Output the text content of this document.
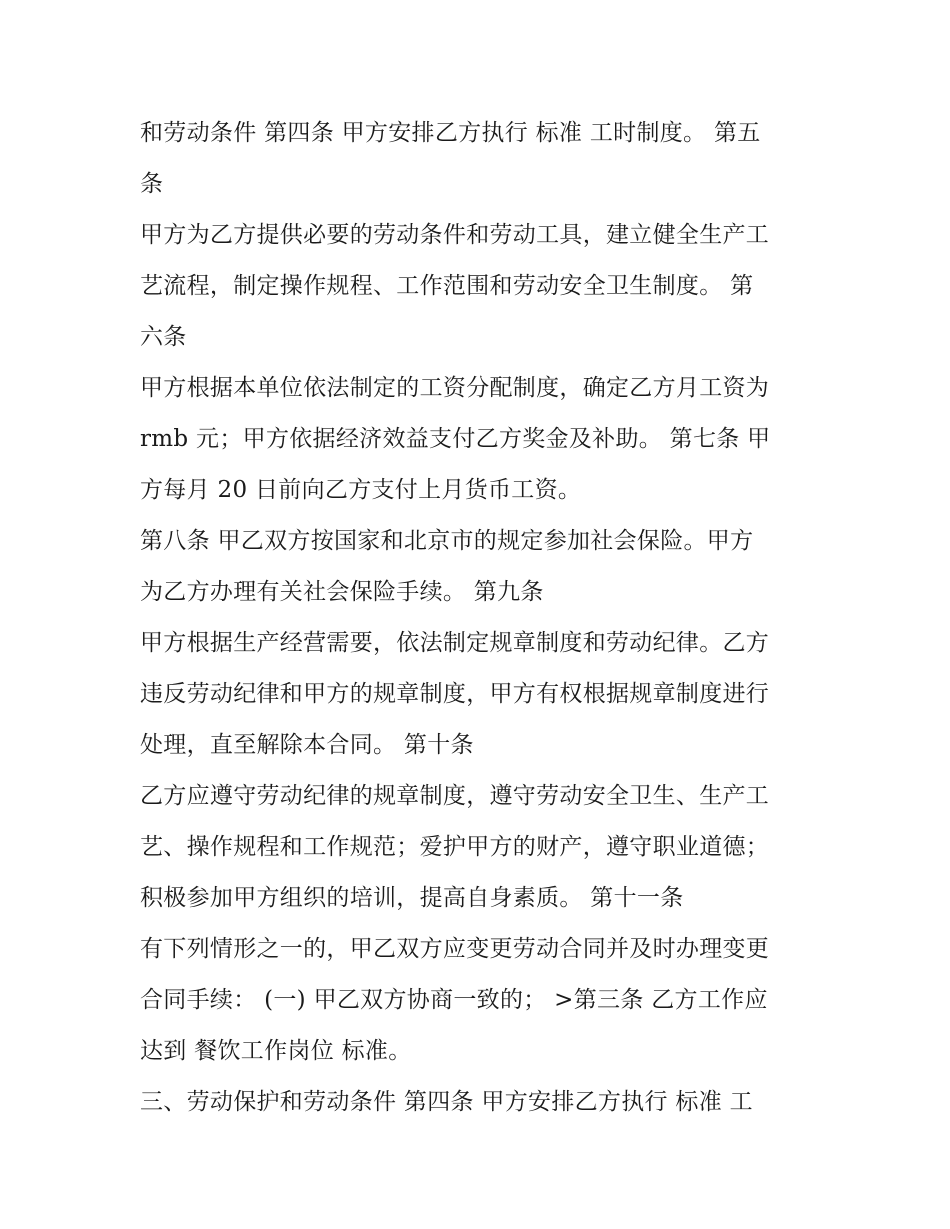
和劳动条件 第四条 甲方安排乙方执行 标准 工时制度。 第五
条
甲方为乙方提供必要的劳动条件和劳动工具，建立健全生产工
艺流程，制定操作规程、工作范围和劳动安全卫生制度。 第
六条
甲方根据本单位依法制定的工资分配制度，确定乙方月工资为
rmb 元；甲方依据经济效益支付乙方奖金及补助。 第七条 甲
方每月 20 日前向乙方支付上月货币工资。
第八条 甲乙双方按国家和北京市的规定参加社会保险。甲方
为乙方办理有关社会保险手续。 第九条
甲方根据生产经营需要，依法制定规章制度和劳动纪律。乙方
违反劳动纪律和甲方的规章制度，甲方有权根据规章制度进行
处理，直至解除本合同。 第十条
乙方应遵守劳动纪律的规章制度，遵守劳动安全卫生、生产工
艺、操作规程和工作规范；爱护甲方的财产，遵守职业道德；
积极参加甲方组织的培训，提高自身素质。 第十一条
有下列情形之一的，甲乙双方应变更劳动合同并及时办理变更
合同手续： (一) 甲乙双方协商一致的； >第三条 乙方工作应
达到 餐饮工作岗位 标准。
三、劳动保护和劳动条件 第四条 甲方安排乙方执行 标准 工
